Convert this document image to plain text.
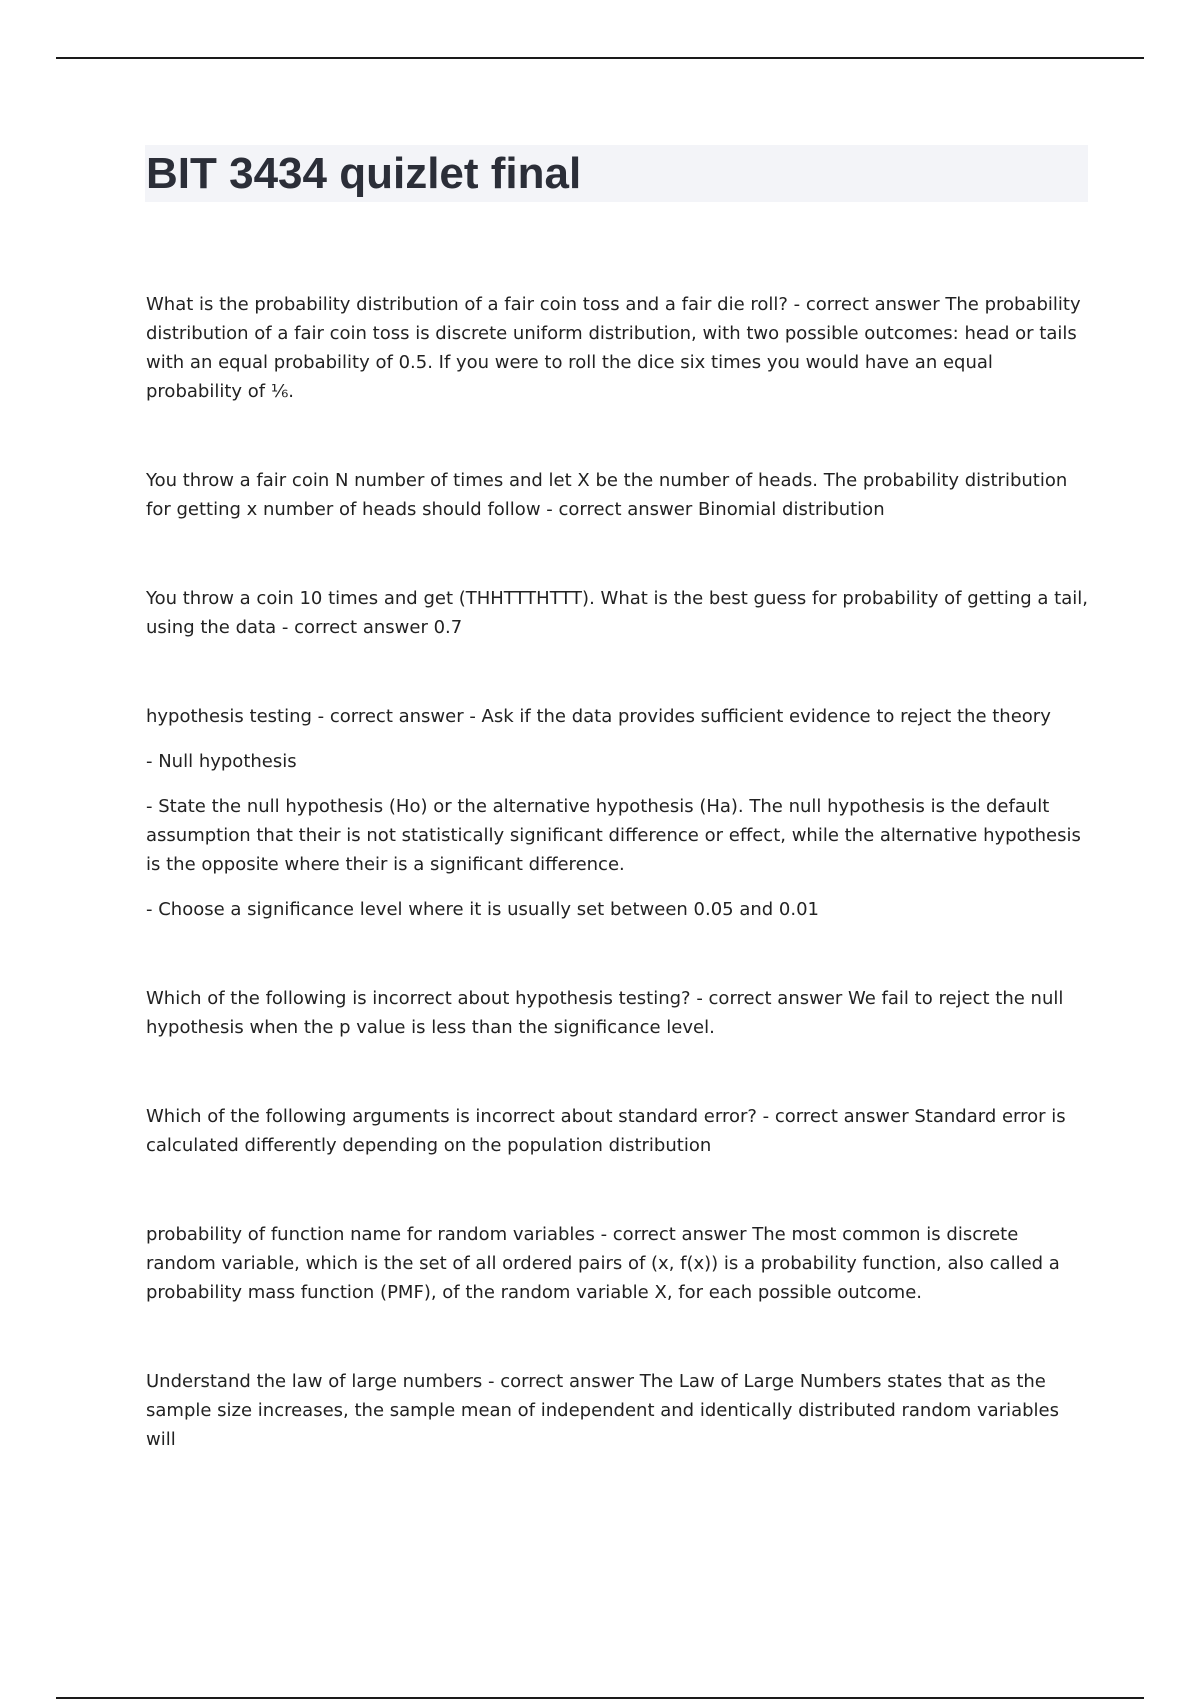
BIT 3434 quizlet final

What is the probability distribution of a fair coin toss and a fair die roll? - correct answer The probability distribution of a fair coin toss is discrete uniform distribution, with two possible outcomes: head or tails with an equal probability of 0.5. If you were to roll the dice six times you would have an equal probability of ⅙.

You throw a fair coin N number of times and let X be the number of heads. The probability distribution for getting x number of heads should follow - correct answer Binomial distribution

You throw a coin 10 times and get (THHTTTHTTT). What is the best guess for probability of getting a tail, using the data - correct answer 0.7

hypothesis testing - correct answer - Ask if the data provides sufficient evidence to reject the theory

- Null hypothesis

- State the null hypothesis (Ho) or the alternative hypothesis (Ha). The null hypothesis is the default assumption that their is not statistically significant difference or effect, while the alternative hypothesis is the opposite where their is a significant difference.

- Choose a significance level where it is usually set between 0.05 and 0.01

Which of the following is incorrect about hypothesis testing? - correct answer We fail to reject the null hypothesis when the p value is less than the significance level.

Which of the following arguments is incorrect about standard error? - correct answer Standard error is calculated differently depending on the population distribution

probability of function name for random variables - correct answer The most common is discrete random variable, which is the set of all ordered pairs of (x, f(x)) is a probability function, also called a probability mass function (PMF), of the random variable X, for each possible outcome.

Understand the law of large numbers - correct answer The Law of Large Numbers states that as the sample size increases, the sample mean of independent and identically distributed random variables will
